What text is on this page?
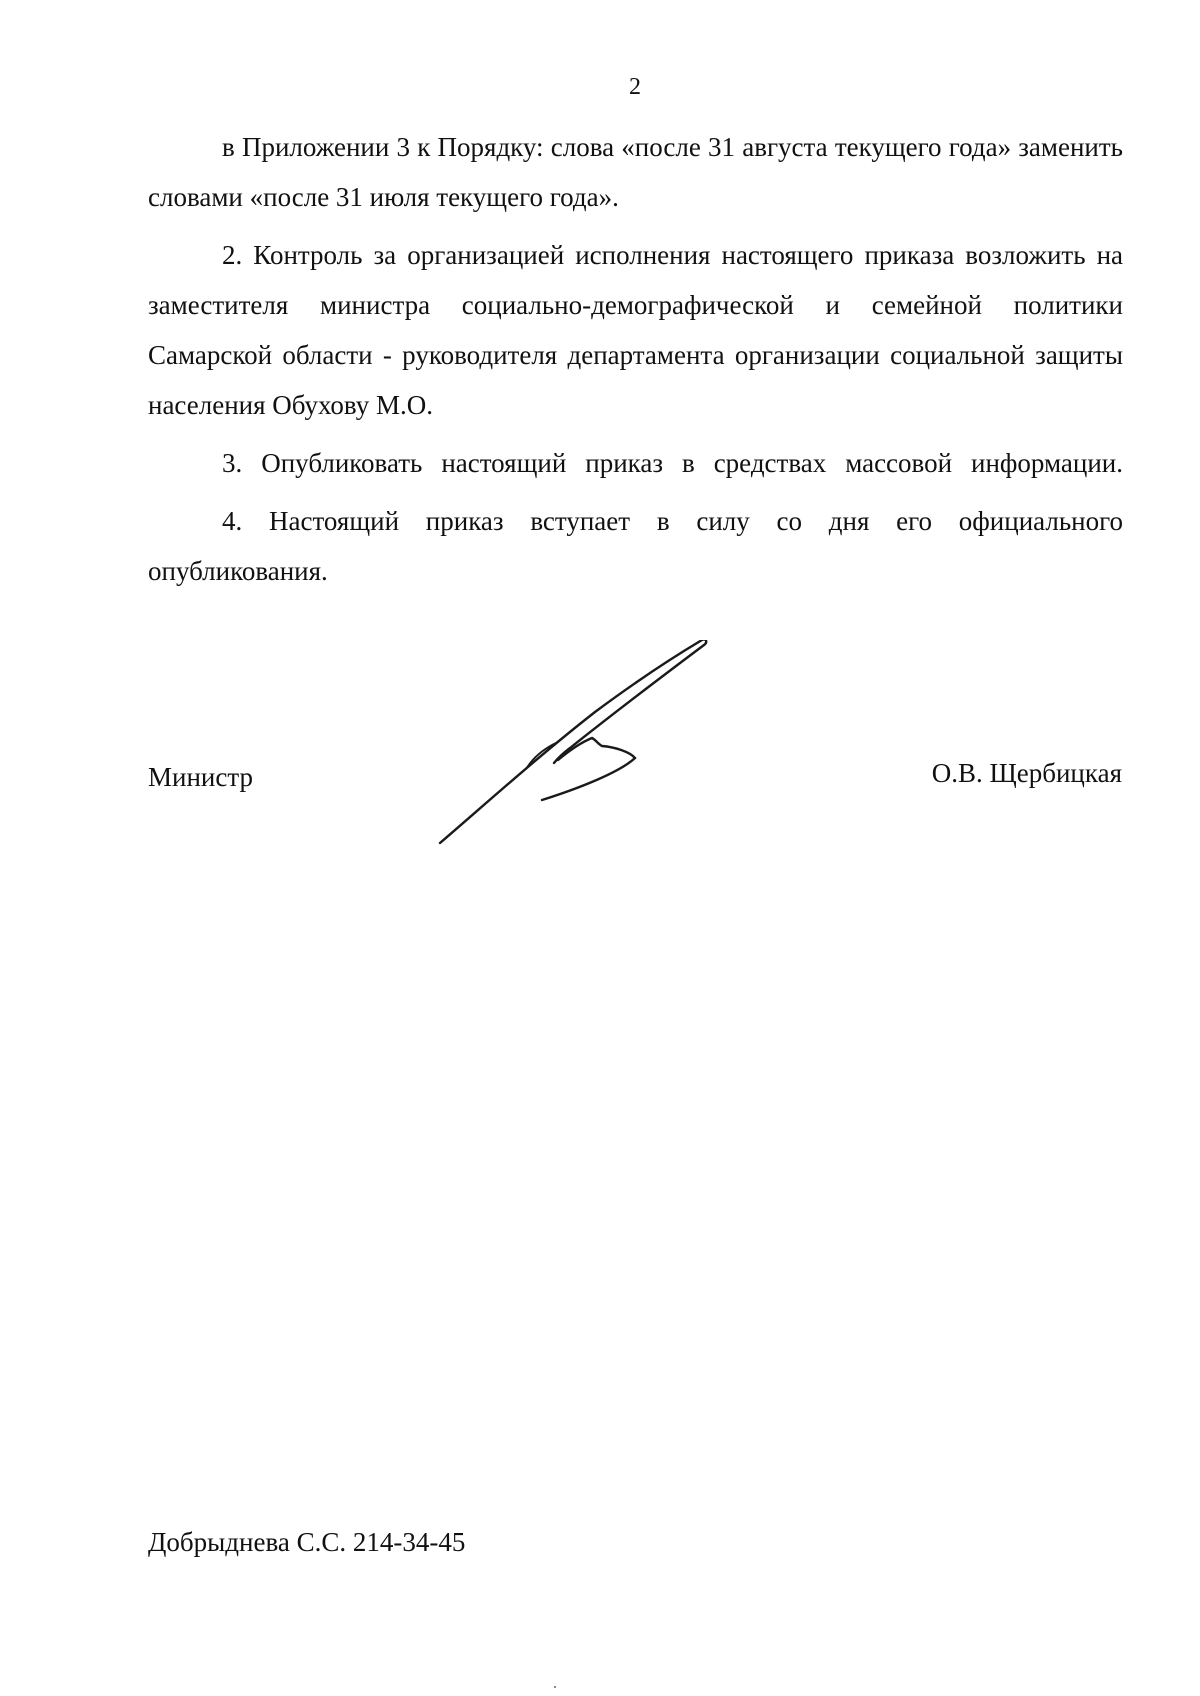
2

в Приложении 3 к Порядку: слова «после 31 августа текущего года» заменить словами «после 31 июля текущего года».

2. Контроль за организацией исполнения настоящего приказа возложить на заместителя министра социально-демографической и семейной политики Самарской области - руководителя департамента организации социальной защиты населения Обухову М.О.

3. Опубликовать настоящий приказ в средствах массовой информации.

4. Настоящий приказ вступает в силу со дня его официального опубликования.

Министр	О.В. Щербицкая

Добрыднева С.С. 214-34-45
